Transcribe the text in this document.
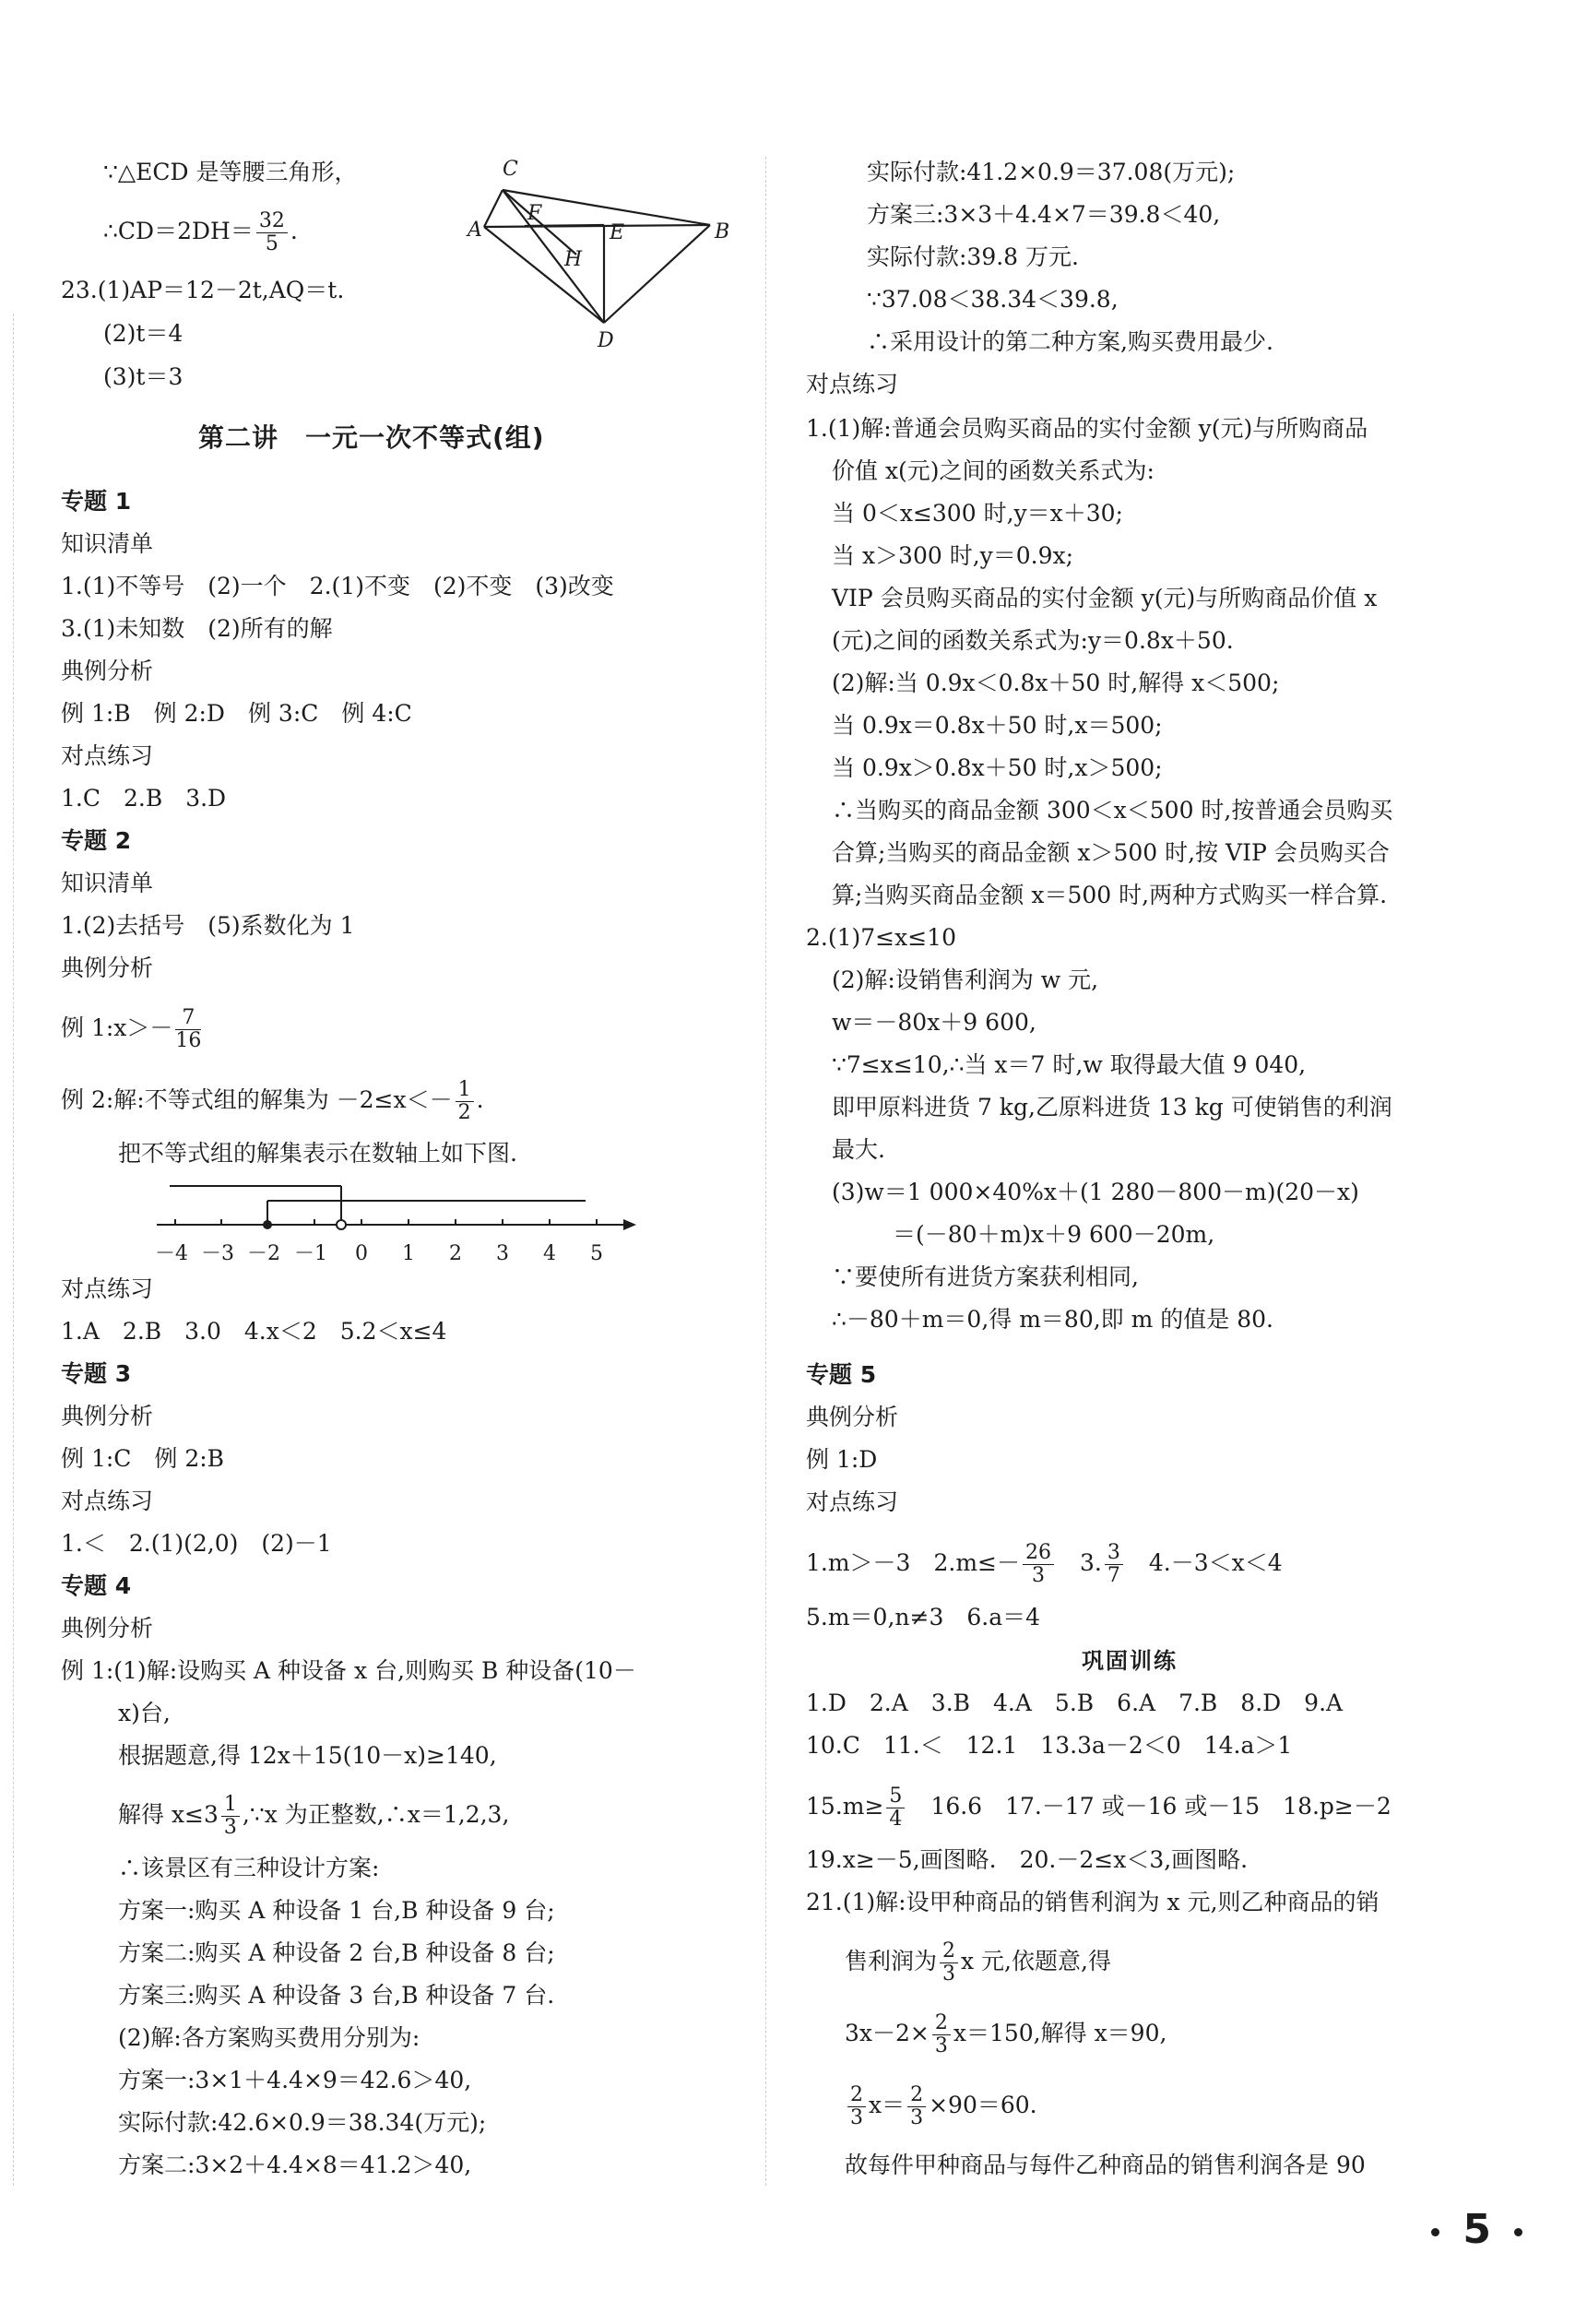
∵△ECD 是等腰三角形，
∴CD＝2DH＝ $\frac{32}{5}$ .
23.(1)AP＝12－2t,AQ＝t.
(2)t＝4
(3)t＝3
C
A
F
E	B
H
D
第二讲　一元一次不等式(组)
专题 1
知识清单
1.(1)不等号　(2)一个　2.(1)不变　(2)不变　(3)改变
3.(1)未知数　(2)所有的解
典例分析
例 1:B　例 2:D　例 3:C　例 4:C
对点练习
1.C　2.B　3.D
专题 2
知识清单
1.(2)去括号　(5)系数化为 1
典例分析
例 1:x＞－ $\frac{7}{16}$
例 2:解:不等式组的解集为 $-2\le x<- \frac{1}{2}$ .
把不等式组的解集表示在数轴上如下图.
－4 －3 －2 －1 0 1 2 3 4 5
对点练习
1.A　2.B　3.0　4.x＜2　5.2＜x≤4
专题 3
典例分析
例 1:C　例 2:B
对点练习
1.＜　2.(1)(2,0)　(2)－1
专题 4
典例分析
例 1:(1)解:设购买 A 种设备 x 台,则购买 B 种设备(10－
x)台,
根据题意,得 12x＋15(10－x)≥140,
解得 $x\le 3 \frac{1}{3}$ ,∵x 为正整数,∴x＝1,2,3,
∴该景区有三种设计方案:
方案一:购买 A 种设备 1 台,B 种设备 9 台;
方案二:购买 A 种设备 2 台,B 种设备 8 台;
方案三:购买 A 种设备 3 台,B 种设备 7 台.
(2)解:各方案购买费用分别为:
方案一:3×1＋4.4×9＝42.6＞40,
实际付款:42.6×0.9＝38.34(万元);
方案二:3×2＋4.4×8＝41.2＞40,
实际付款:41.2×0.9＝37.08(万元);
方案三:3×3＋4.4×7＝39.8＜40,
实际付款:39.8 万元.
∵37.08＜38.34＜39.8,
∴采用设计的第二种方案,购买费用最少.
对点练习
1.(1)解:普通会员购买商品的实付金额 y(元)与所购商品
价值 x(元)之间的函数关系式为:
当 0＜x≤300 时,y＝x＋30;
当 x＞300 时,y＝0.9x;
VIP 会员购买商品的实付金额 y(元)与所购商品价值 x
(元)之间的函数关系式为:y＝0.8x＋50.
(2)解:当 0.9x＜0.8x＋50 时,解得 x＜500;
当 0.9x＝0.8x＋50 时,x＝500;
当 0.9x＞0.8x＋50 时,x＞500;
∴当购买的商品金额 300＜x＜500 时,按普通会员购买
合算;当购买的商品金额 x＞500 时,按 VIP 会员购买合
算;当购买商品金额 x＝500 时,两种方式购买一样合算.
2.(1)7≤x≤10
(2)解:设销售利润为 w 元,
w＝－80x＋9 600,
∵7≤x≤10,∴当 x＝7 时,w 取得最大值 9 040,
即甲原料进货 7 kg,乙原料进货 13 kg 可使销售的利润
最大.
(3)w＝1 000×40%x＋(1 280－800－m)(20－x)
＝(－80＋m)x＋9 600－20m,
∵要使所有进货方案获利相同,
∴－80＋m＝0,得 m＝80,即 m 的值是 80.
专题 5
典例分析
例 1:D
对点练习
1.m＞－3　$2.m\le- \frac{26}{3}$ 　3. $\frac{3}{7}$ 　4.－3＜x＜4
5.m＝0,n≠3　6.a＝4
巩固训练
1.D　2.A　3.B　4.A　5.B　6.A　7.B　8.D　9.A
10.C　11.＜　12.1　13.3a－2＜0　14.a＞1
$15.m\ge \frac{5}{4}$ 　16.6　17.－17 或－16 或－15　18.p≥－2
19.x≥－5,画图略.　20.－2≤x＜3,画图略.
21.(1)解:设甲种商品的销售利润为 x 元,则乙种商品的销
售利润为 $\frac{2}{3}$ x 元,依题意,得
$3x-2\times \frac{2}{3} x=150$,解得 x＝90,
$\frac{2}{3} x= \frac{2}{3} \times 90=60$.
故每件甲种商品与每件乙种商品的销售利润各是 90
5
